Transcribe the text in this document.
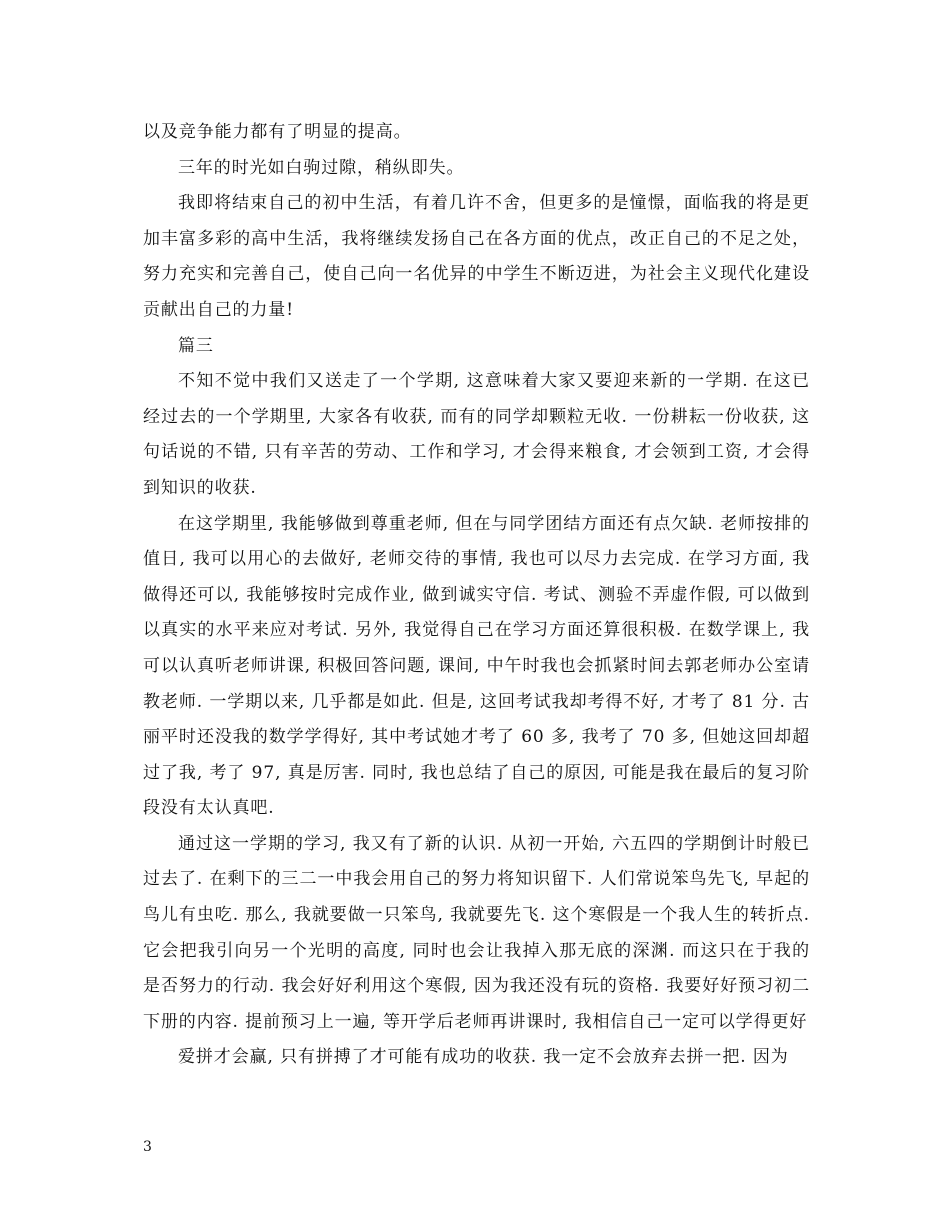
以及竞争能力都有了明显的提高。

三年的时光如白驹过隙，稍纵即失。

我即将结束自己的初中生活，有着几许不舍，但更多的是憧憬，面临我的将是更加丰富多彩的高中生活，我将继续发扬自己在各方面的优点，改正自己的不足之处，努力充实和完善自己，使自己向一名优异的中学生不断迈进，为社会主义现代化建设贡献出自己的力量!

篇三

不知不觉中我们又送走了一个学期, 这意味着大家又要迎来新的一学期. 在这已经过去的一个学期里, 大家各有收获, 而有的同学却颗粒无收. 一份耕耘一份收获, 这句话说的不错, 只有辛苦的劳动、工作和学习, 才会得来粮食, 才会领到工资, 才会得到知识的收获.

在这学期里, 我能够做到尊重老师, 但在与同学团结方面还有点欠缺. 老师按排的值日, 我可以用心的去做好, 老师交待的事情, 我也可以尽力去完成. 在学习方面, 我做得还可以, 我能够按时完成作业, 做到诚实守信. 考试、测验不弄虚作假, 可以做到以真实的水平来应对考试. 另外, 我觉得自己在学习方面还算很积极. 在数学课上, 我可以认真听老师讲课, 积极回答问题, 课间, 中午时我也会抓紧时间去郭老师办公室请教老师. 一学期以来, 几乎都是如此. 但是, 这回考试我却考得不好, 才考了 81 分. 古丽平时还没我的数学学得好, 其中考试她才考了 60 多, 我考了 70 多, 但她这回却超过了我, 考了 97, 真是厉害. 同时, 我也总结了自己的原因, 可能是我在最后的复习阶段没有太认真吧.

通过这一学期的学习, 我又有了新的认识. 从初一开始, 六五四的学期倒计时般已过去了. 在剩下的三二一中我会用自己的努力将知识留下. 人们常说笨鸟先飞, 早起的鸟儿有虫吃. 那么, 我就要做一只笨鸟, 我就要先飞. 这个寒假是一个我人生的转折点. 它会把我引向另一个光明的高度, 同时也会让我掉入那无底的深渊. 而这只在于我的是否努力的行动. 我会好好利用这个寒假, 因为我还没有玩的资格. 我要好好预习初二下册的内容. 提前预习上一遍, 等开学后老师再讲课时, 我相信自己一定可以学得更好

爱拼才会赢, 只有拼搏了才可能有成功的收获. 我一定不会放弃去拼一把. 因为

3
